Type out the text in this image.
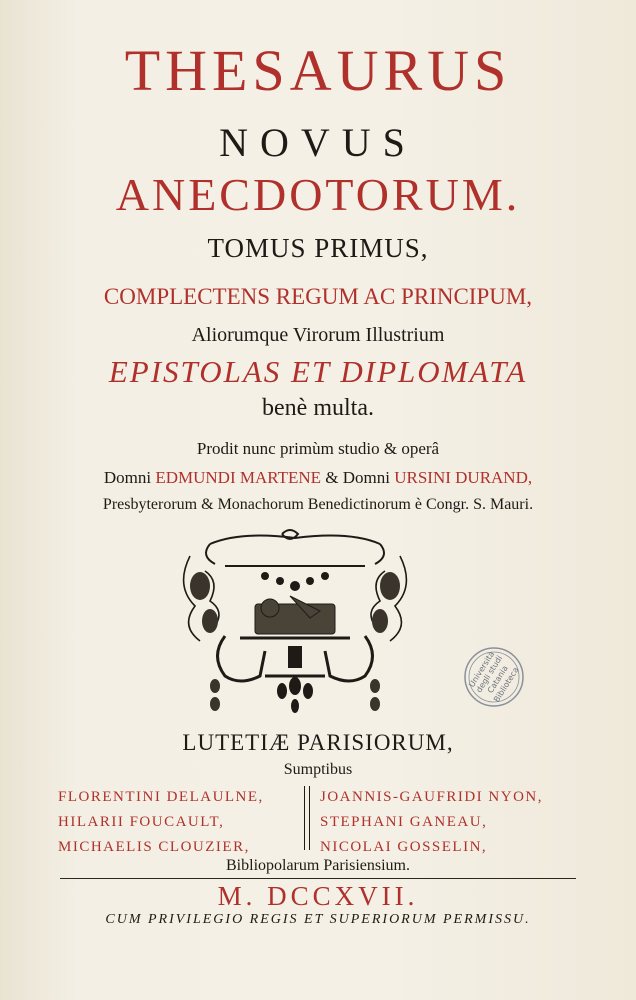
THESAURUS
NOVUS
ANECDOTORUM.
TOMUS PRIMUS,
COMPLECTENS REGUM AC PRINCIPUM,
Aliorumque Virorum Illustrium
EPISTOLAS ET DIPLOMATA
benè multa.
Prodit nunc primùm studio & operâ
Domni EDMUNDI MARTENE & Domni URSINI DURAND,
Presbyterorum & Monachorum Benedictinorum è Congr. S. Mauri.
Università degli studi
Catania
Biblioteca
LUTETIÆ PARISIORUM,
Sumptibus
FLORENTINI DELAULNE,
HILARII FOUCAULT,
MICHAELIS CLOUZIER,
JOANNIS-GAUFRIDI NYON,
STEPHANI GANEAU,
NICOLAI GOSSELIN,
Bibliopolarum Parisiensium.
M. DCCXVII.
CUM PRIVILEGIO REGIS ET SUPERIORUM PERMISSU.
